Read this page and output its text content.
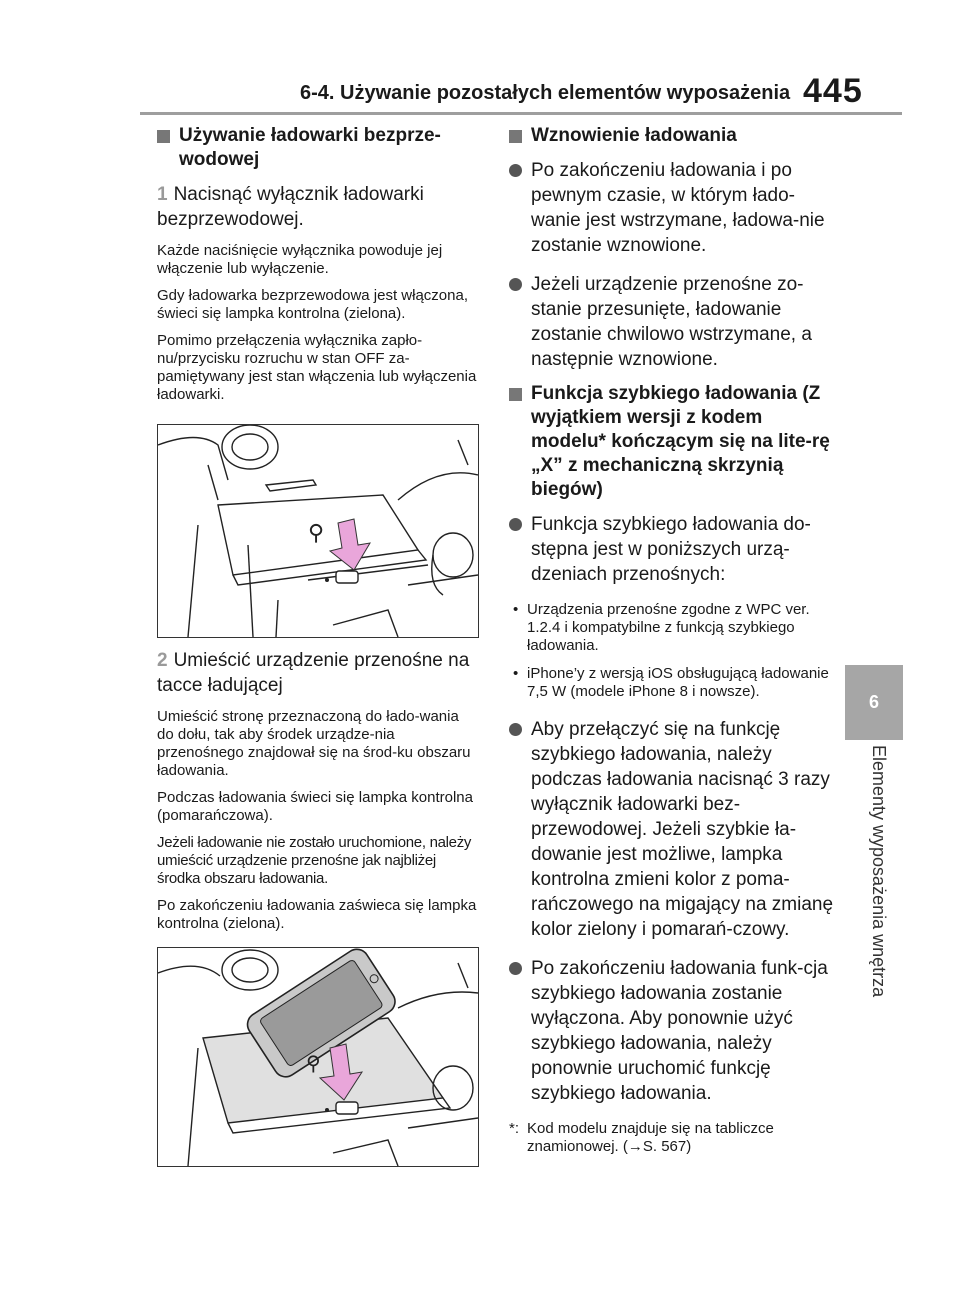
6-4. Używanie pozostałych elementów wyposażenia 445
6
Elementy wyposażenia wnętrza
Używanie ładowarki bezprze-wodowej
1 Nacisnąć wyłącznik ładowarki bezprzewodowej.

Każde naciśnięcie wyłącznika powoduje jej włączenie lub wyłączenie.

Gdy ładowarka bezprzewodowa jest włączona, świeci się lampka kontrolna (zielona).

Pomimo przełączenia wyłącznika zapło-nu/przycisku rozruchu w stan OFF za-pamiętywany jest stan włączenia lub wyłączenia ładowarki.

⚲
2 Umieścić urządzenie przenośne na tacce ładującej

Umieścić stronę przeznaczoną do łado-wania do dołu, tak aby środek urządze-nia przenośnego znajdował się na środ-ku obszaru ładowania.

Podczas ładowania świeci się lampka kontrolna (pomarańczowa).

Jeżeli ładowanie nie zostało uruchomione, należy umieścić urządzenie przenośne jak najbliżej środka obszaru ładowania.

Po zakończeniu ładowania zaświeca się lampka kontrolna (zielona).

⚲
Wznowienie ładowania
Po zakończeniu ładowania i po pewnym czasie, w którym łado-wanie jest wstrzymane, ładowa-nie zostanie wznowione.
Jeżeli urządzenie przenośne zo-stanie przesunięte, ładowanie zostanie chwilowo wstrzymane, a następnie wznowione.
Funkcja szybkiego ładowania (Z wyjątkiem wersji z kodem modelu* kończącym się na lite-rę „X” z mechaniczną skrzynią biegów)
Funkcja szybkiego ładowania do-stępna jest w poniższych urzą-dzeniach przenośnych:
• Urządzenia przenośne zgodne z WPC ver. 1.2.4 i kompatybilne z funkcją szybkiego ładowania.
• iPhone’y z wersją iOS obsługującą ładowanie 7,5 W (modele iPhone 8 i nowsze).
Aby przełączyć się na funkcję szybkiego ładowania, należy podczas ładowania nacisnąć 3 razy wyłącznik ładowarki bez-przewodowej. Jeżeli szybkie ła-dowanie jest możliwe, lampka kontrolna zmieni kolor z poma-rańczowego na migający na zmianę kolor zielony i pomarań-czowy.
Po zakończeniu ładowania funk-cja szybkiego ładowania zostanie wyłączona. Aby ponownie użyć szybkiego ładowania, należy ponownie uruchomić funkcję szybkiego ładowania.
*: Kod modelu znajduje się na tabliczce znamionowej. (→S. 567)
